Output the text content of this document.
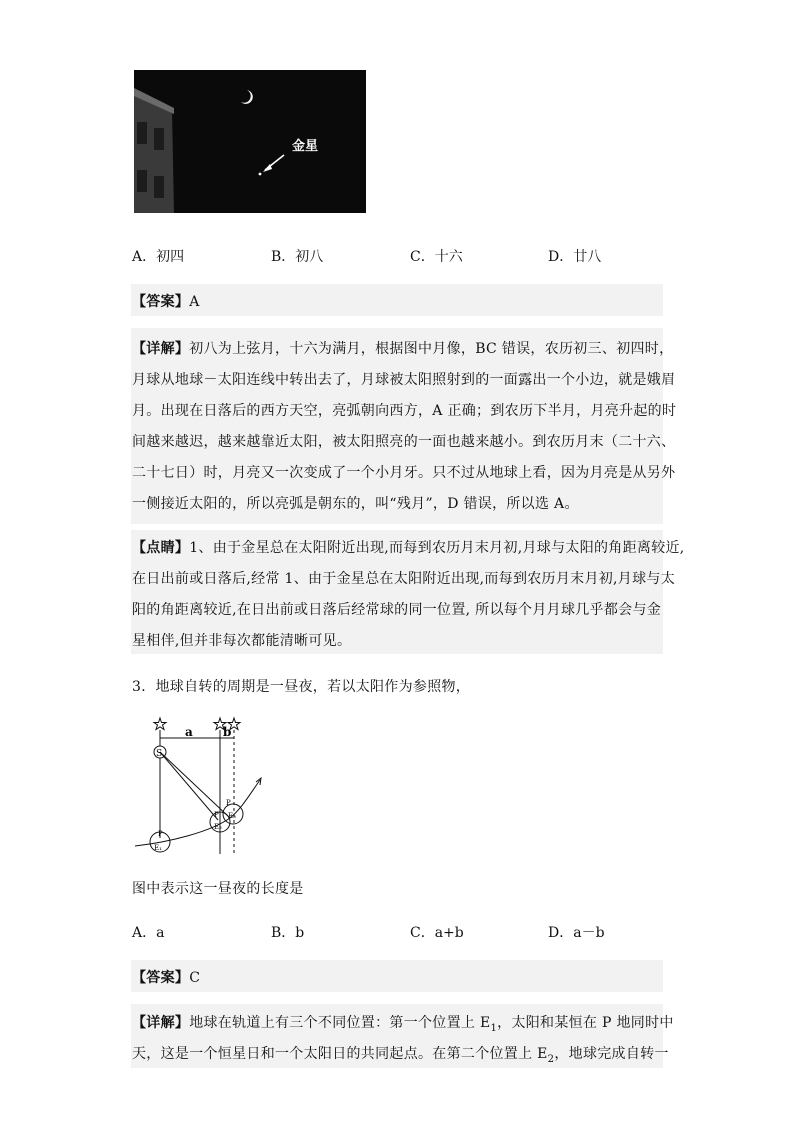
金星
A．初四	B．初八	C．十六	D．廿八
【答案】A
【详解】初八为上弦月，十六为满月，根据图中月像，BC 错误，农历初三、初四时，
月球从地球－太阳连线中转出去了，月球被太阳照射到的一面露出一个小边，就是娥眉
月。出现在日落后的西方天空，亮弧朝向西方，A 正确；到农历下半月，月亮升起的时
间越来越迟，越来越靠近太阳，被太阳照亮的一面也越来越小。到农历月末（二十六、
二十七日）时，月亮又一次变成了一个小月牙。只不过从地球上看，因为月亮是从另外
一侧接近太阳的，所以亮弧是朝东的，叫“残月”，D 错误，所以选 A。
【点睛】1、由于金星总在太阳附近出现,而每到农历月末月初,月球与太阳的角距离较近,
在日出前或日落后,经常 1、由于金星总在太阳附近出现,而每到农历月末月初,月球与太
阳的角距离较近,在日出前或日落后经常球的同一位置, 所以每个月月球几乎都会与金
星相伴,但并非每次都能清晰可见。
3．地球自转的周期是一昼夜，若以太阳作为参照物，
S
a	b
P
E₁
P
E₂
P
E₃
图中表示这一昼夜的长度是
A．a	B．b	C．a+b	D．a－b
【答案】C
【详解】地球在轨道上有三个不同位置：第一个位置上 $E_1$，太阳和某恒在 P 地同时中
天，这是一个恒星日和一个太阳日的共同起点。在第二个位置上 $E_2$，地球完成自转一
